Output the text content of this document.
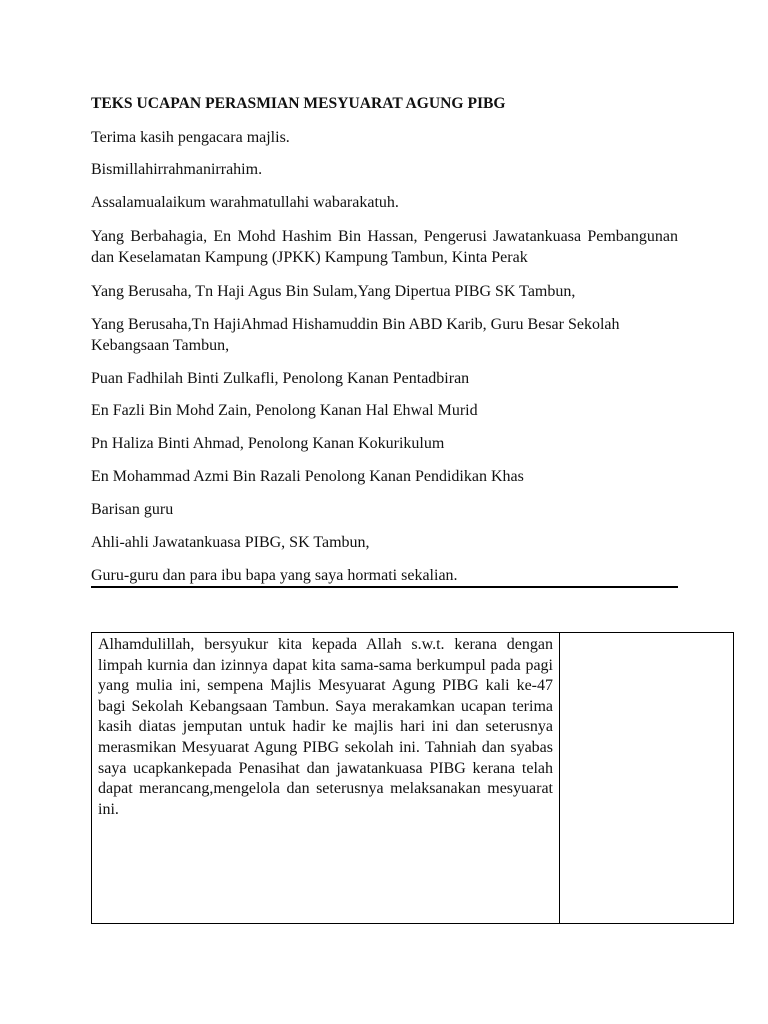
TEKS UCAPAN PERASMIAN MESYUARAT AGUNG PIBG

Terima kasih pengacara majlis.

Bismillahirrahmanirrahim.

Assalamualaikum warahmatullahi wabarakatuh.

Yang Berbahagia, En Mohd Hashim Bin Hassan, Pengerusi Jawatankuasa Pembangunan dan Keselamatan Kampung (JPKK) Kampung Tambun, Kinta Perak

Yang Berusaha, Tn Haji Agus Bin Sulam,Yang Dipertua PIBG SK Tambun,

Yang Berusaha,Tn HajiAhmad Hishamuddin Bin ABD Karib, Guru Besar Sekolah Kebangsaan Tambun,

Puan Fadhilah Binti Zulkafli, Penolong Kanan Pentadbiran

En Fazli Bin Mohd Zain, Penolong Kanan Hal Ehwal Murid

Pn Haliza Binti Ahmad, Penolong Kanan Kokurikulum

En Mohammad Azmi Bin Razali Penolong Kanan Pendidikan Khas

Barisan guru

Ahli-ahli Jawatankuasa PIBG, SK Tambun,

Guru-guru dan para ibu bapa yang saya hormati sekalian.

Alhamdulillah, bersyukur kita kepada Allah s.w.t. kerana dengan limpah kurnia dan izinnya dapat kita sama-sama berkumpul pada pagi yang mulia ini, sempena Majlis Mesyuarat Agung PIBG kali ke-47 bagi Sekolah Kebangsaan Tambun. Saya merakamkan ucapan terima kasih diatas jemputan untuk hadir ke majlis hari ini dan seterusnya merasmikan Mesyuarat Agung PIBG sekolah ini. Tahniah dan syabas saya ucapkankepada Penasihat dan jawatankuasa PIBG kerana telah dapat merancang,mengelola dan seterusnya melaksanakan mesyuarat ini.
